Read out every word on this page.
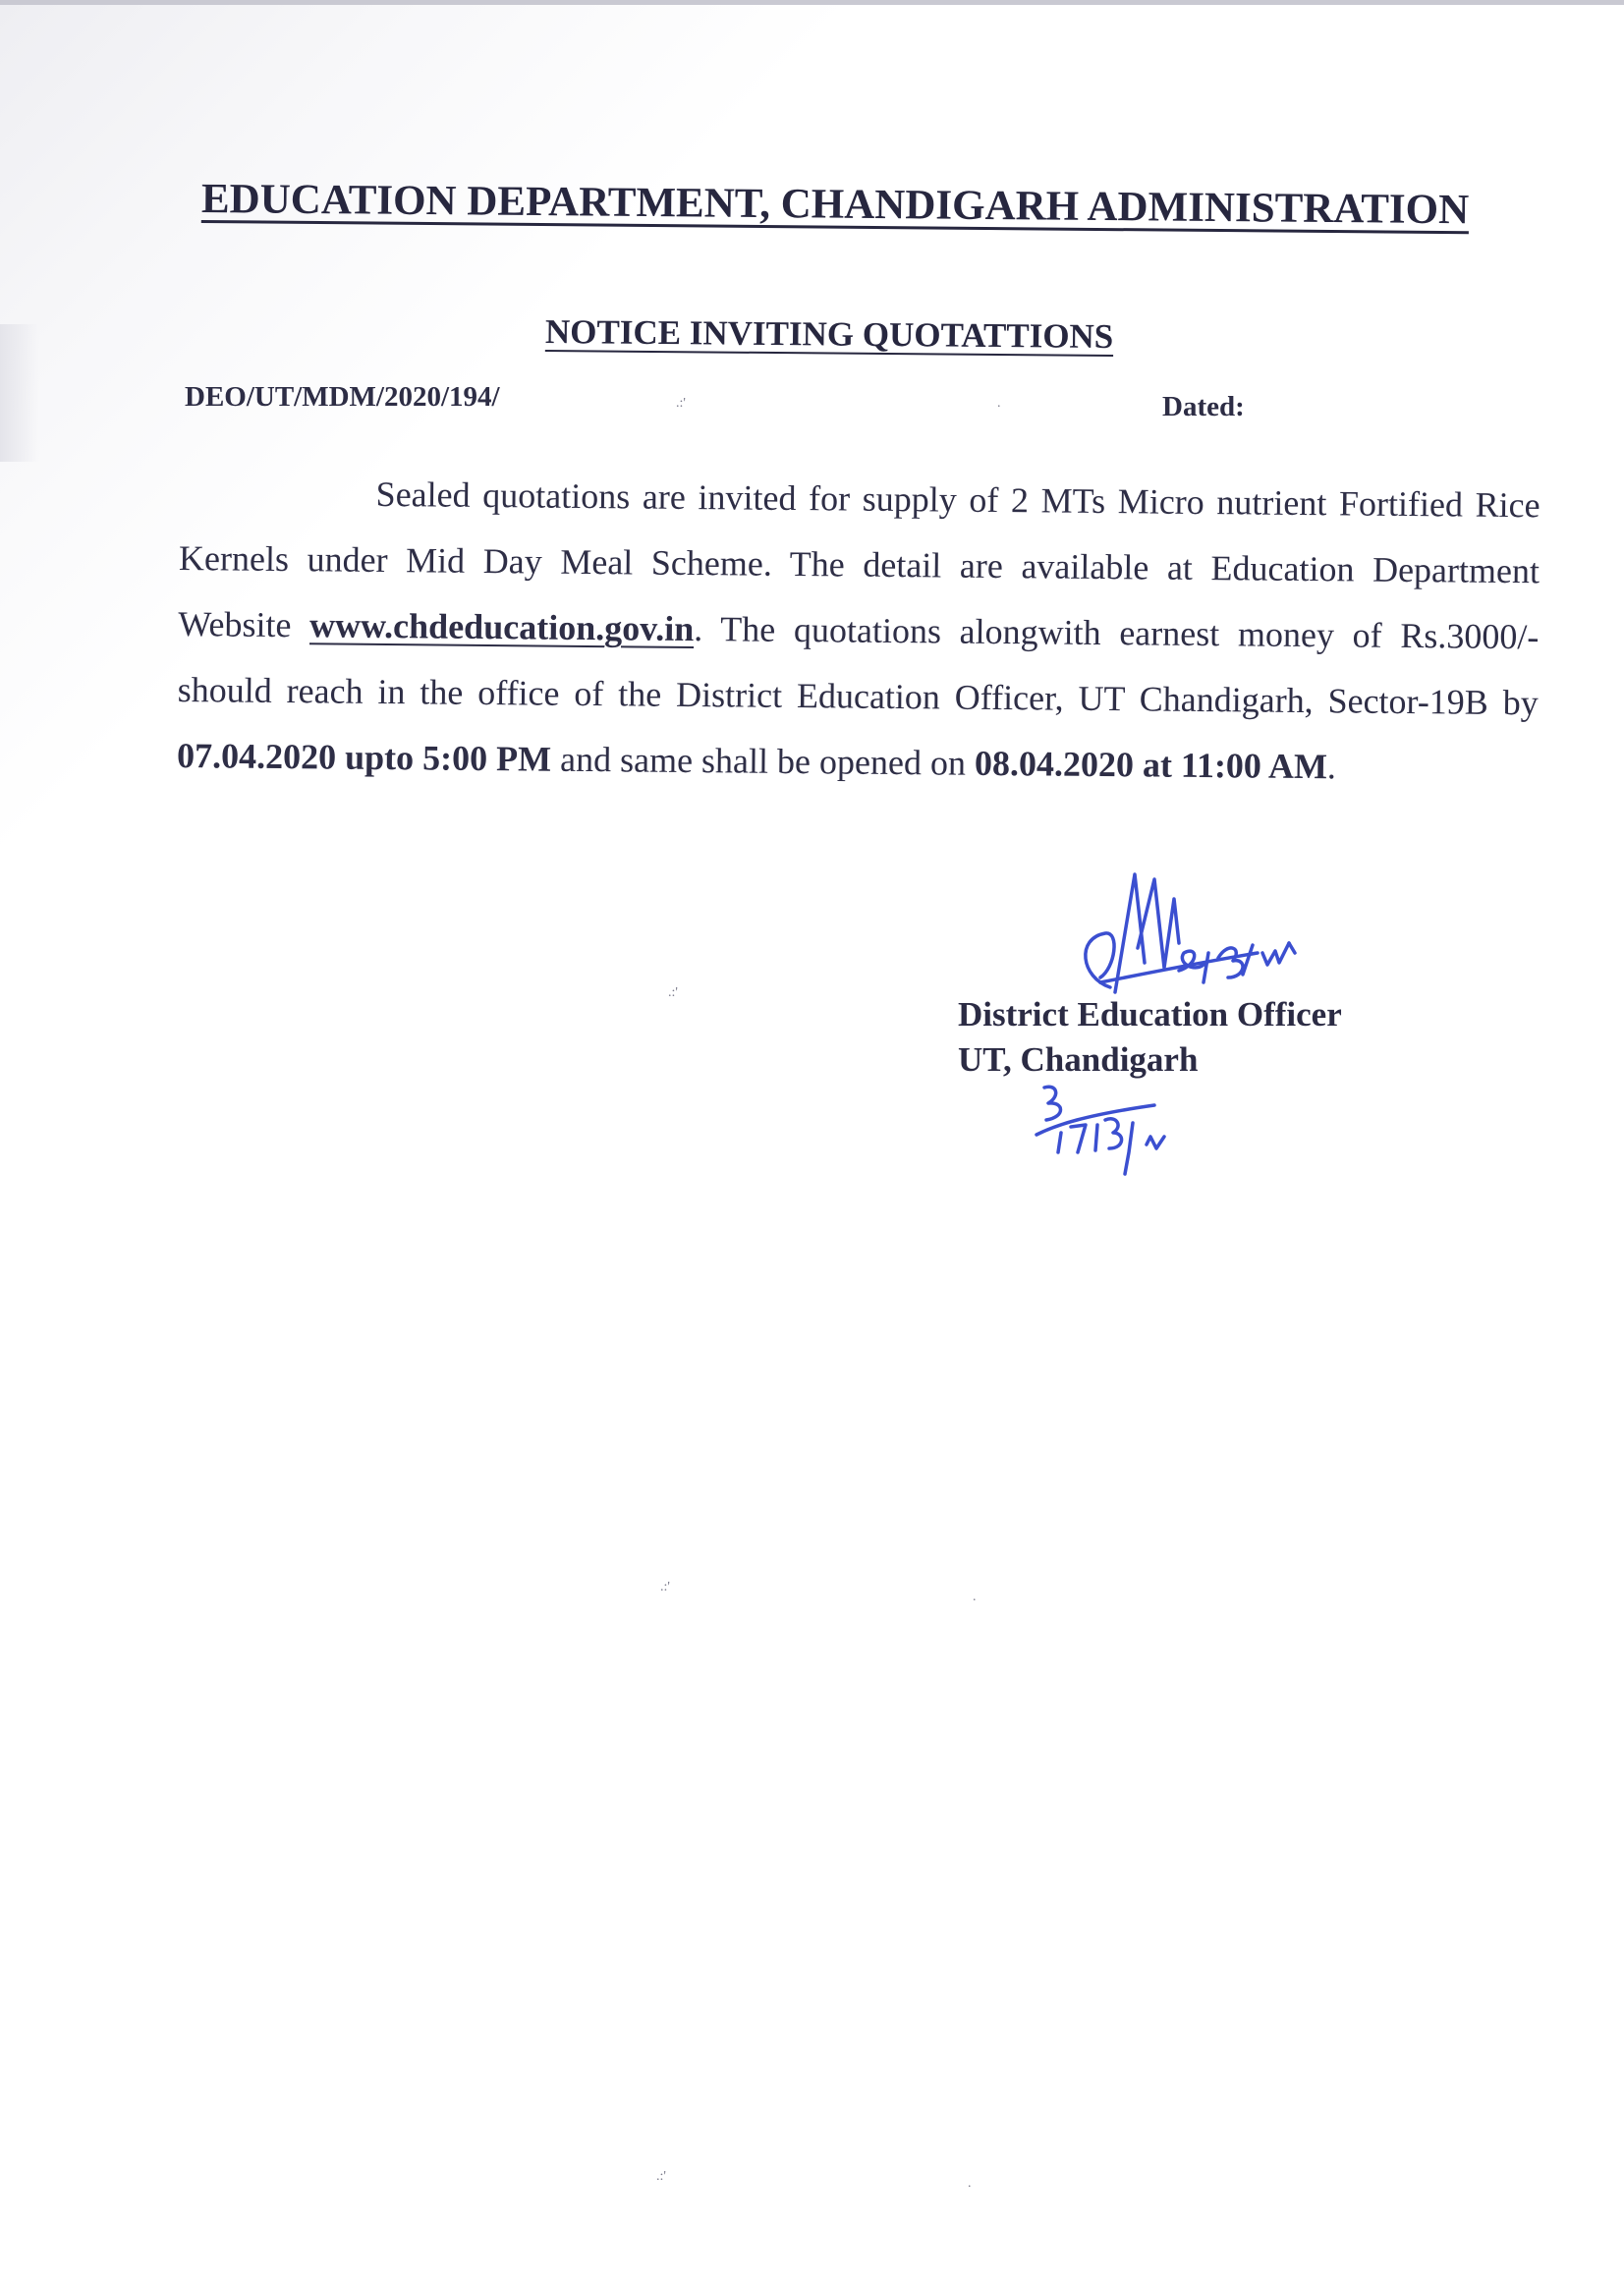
EDUCATION DEPARTMENT, CHANDIGARH ADMINISTRATION
NOTICE INVITING QUOTATTIONS
DEO/UT/MDM/2020/194/	Dated:
Sealed quotations are invited for supply of 2 MTs Micro nutrient Fortified Rice Kernels under Mid Day Meal Scheme. The detail are available at Education Department Website www.chdeducation.gov.in. The quotations alongwith earnest money of Rs.3000/- should reach in the office of the District Education Officer, UT Chandigarh, Sector-19B by 07.04.2020 upto 5:00 PM and same shall be opened on 08.04.2020 at 11:00 AM.
District Education Officer
UT, Chandigarh
.:'
.:'
.:'
.:'
.
.
.
